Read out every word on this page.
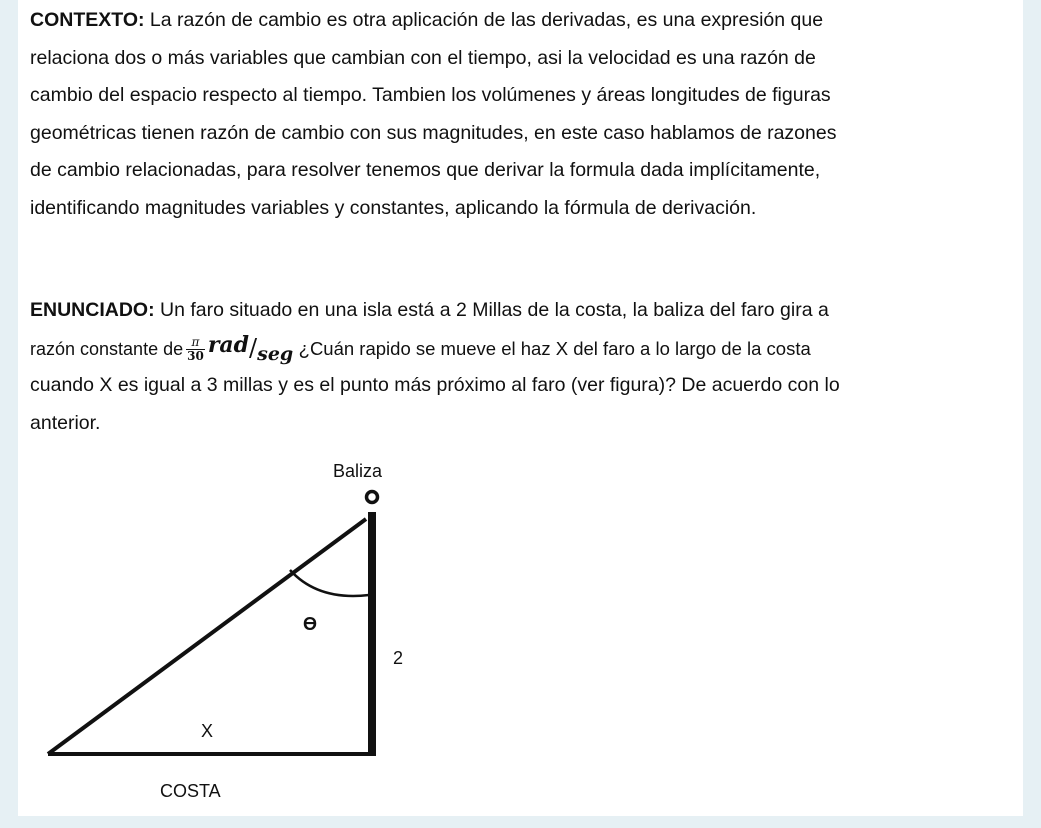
CONTEXTO: La razón de cambio es otra aplicación de las derivadas, es una expresión que
relaciona dos o más variables que cambian con el tiempo, asi la velocidad es una razón de
cambio del espacio respecto al tiempo. Tambien los volúmenes y áreas longitudes de figuras
geométricas tienen razón de cambio con sus magnitudes, en este caso hablamos de razones
de cambio relacionadas, para resolver tenemos que derivar la formula dada implícitamente,
identificando magnitudes variables y constantes, aplicando la fórmula de derivación.
ENUNCIADO: Un faro situado en una isla está a 2 Millas de la costa, la baliza del faro gira a
razón constante de $\frac{\pi}{30} rad/seg$ ¿Cuán rapido se mueve el haz X del faro a lo largo de la costa
cuando X es igual a 3 millas y es el punto más próximo al faro (ver figura)? De acuerdo con lo
anterior.
Baliza
ϴ
2
X
COSTA
